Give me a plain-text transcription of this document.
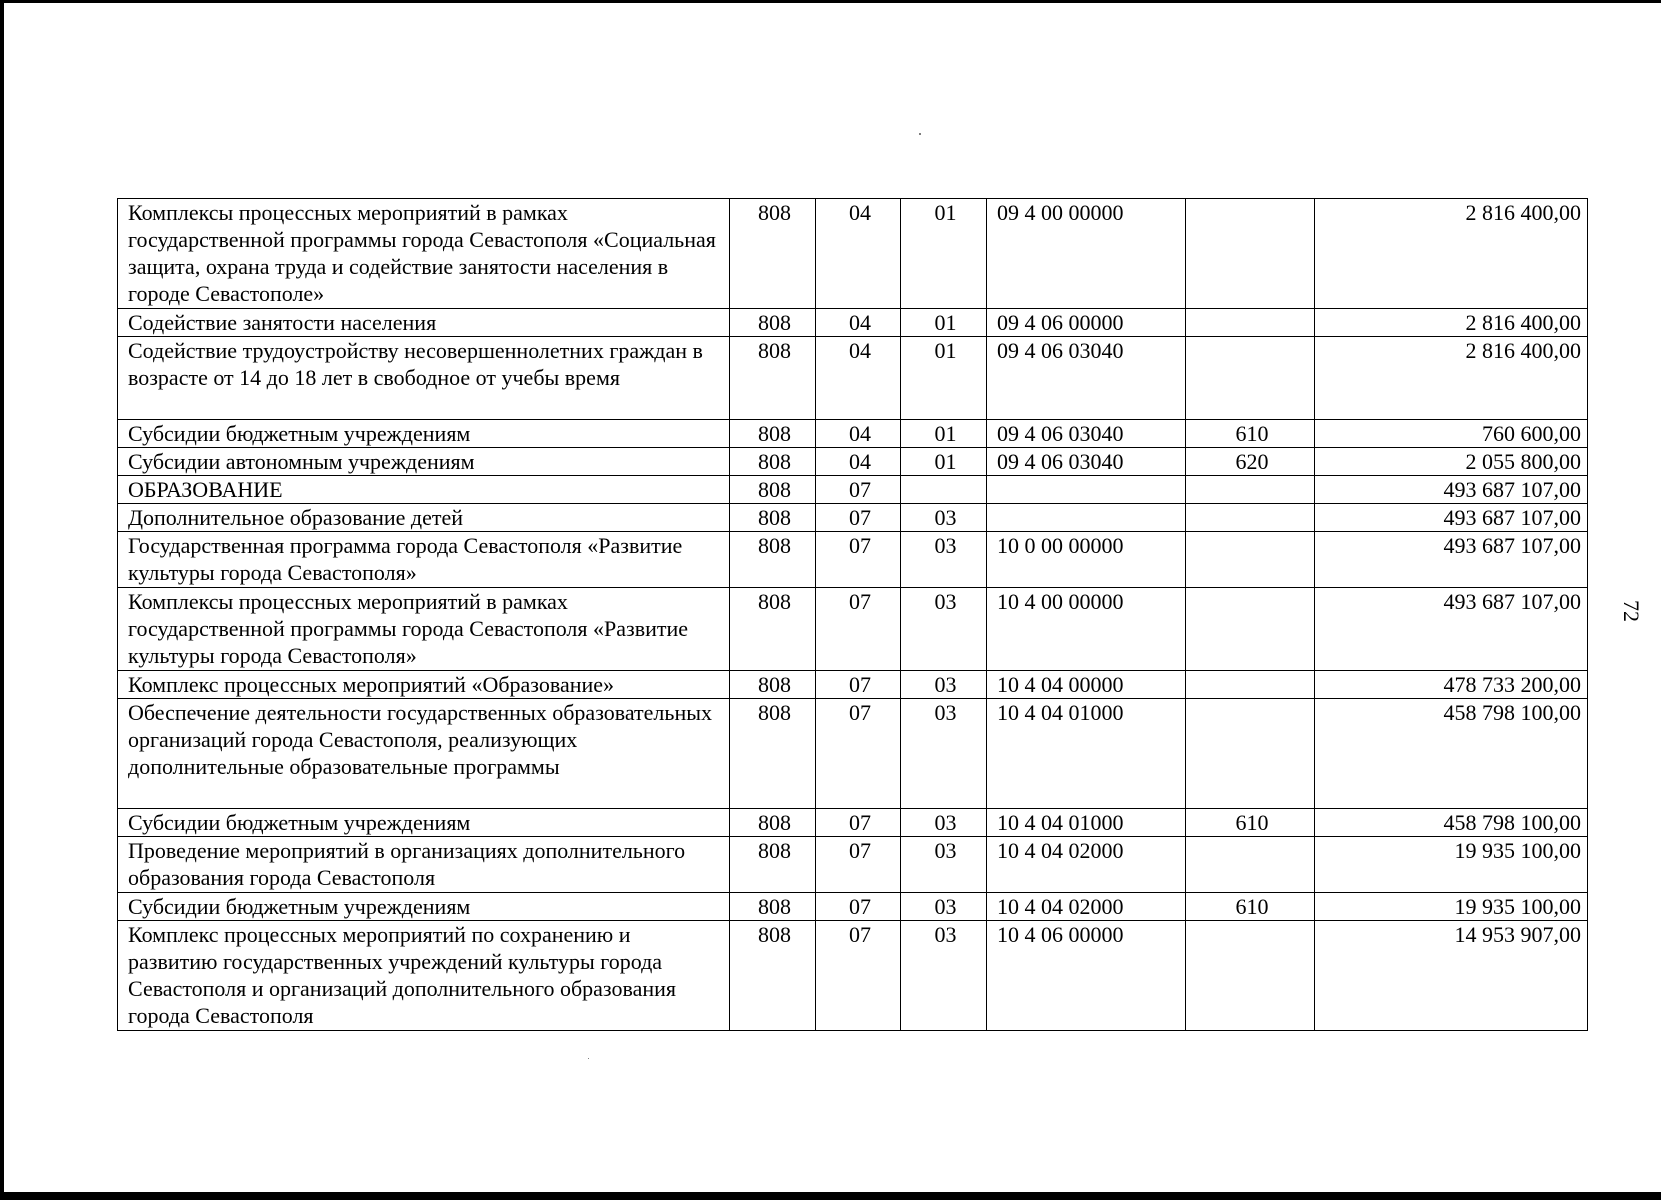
72
Комплексы процессных мероприятий в рамках государственной программы города Севастополя «Социальная защита, охрана труда и содействие занятости населения в городе Севастополе»	808	04	01	09 4 00 00000		2 816 400,00
Содействие занятости населения	808	04	01	09 4 06 00000		2 816 400,00
Содействие трудоустройству несовершеннолетних граждан в возрасте от 14 до 18 лет в свободное от учебы время	808	04	01	09 4 06 03040		2 816 400,00
Субсидии бюджетным учреждениям	808	04	01	09 4 06 03040	610	760 600,00
Субсидии автономным учреждениям	808	04	01	09 4 06 03040	620	2 055 800,00
ОБРАЗОВАНИЕ	808	07				493 687 107,00
Дополнительное образование детей	808	07	03			493 687 107,00
Государственная программа города Севастополя «Развитие культуры города Севастополя»	808	07	03	10 0 00 00000		493 687 107,00
Комплексы процессных мероприятий в рамках государственной программы города Севастополя «Развитие культуры города Севастополя»	808	07	03	10 4 00 00000		493 687 107,00
Комплекс процессных мероприятий «Образование»	808	07	03	10 4 04 00000		478 733 200,00
Обеспечение деятельности государственных образовательных организаций города Севастополя, реализующих дополнительные образовательные программы	808	07	03	10 4 04 01000		458 798 100,00
Субсидии бюджетным учреждениям	808	07	03	10 4 04 01000	610	458 798 100,00
Проведение мероприятий в организациях дополнительного образования города Севастополя	808	07	03	10 4 04 02000		19 935 100,00
Субсидии бюджетным учреждениям	808	07	03	10 4 04 02000	610	19 935 100,00
Комплекс процессных мероприятий по сохранению и развитию государственных учреждений культуры города Севастополя и организаций дополнительного образования города Севастополя	808	07	03	10 4 06 00000		14 953 907,00
